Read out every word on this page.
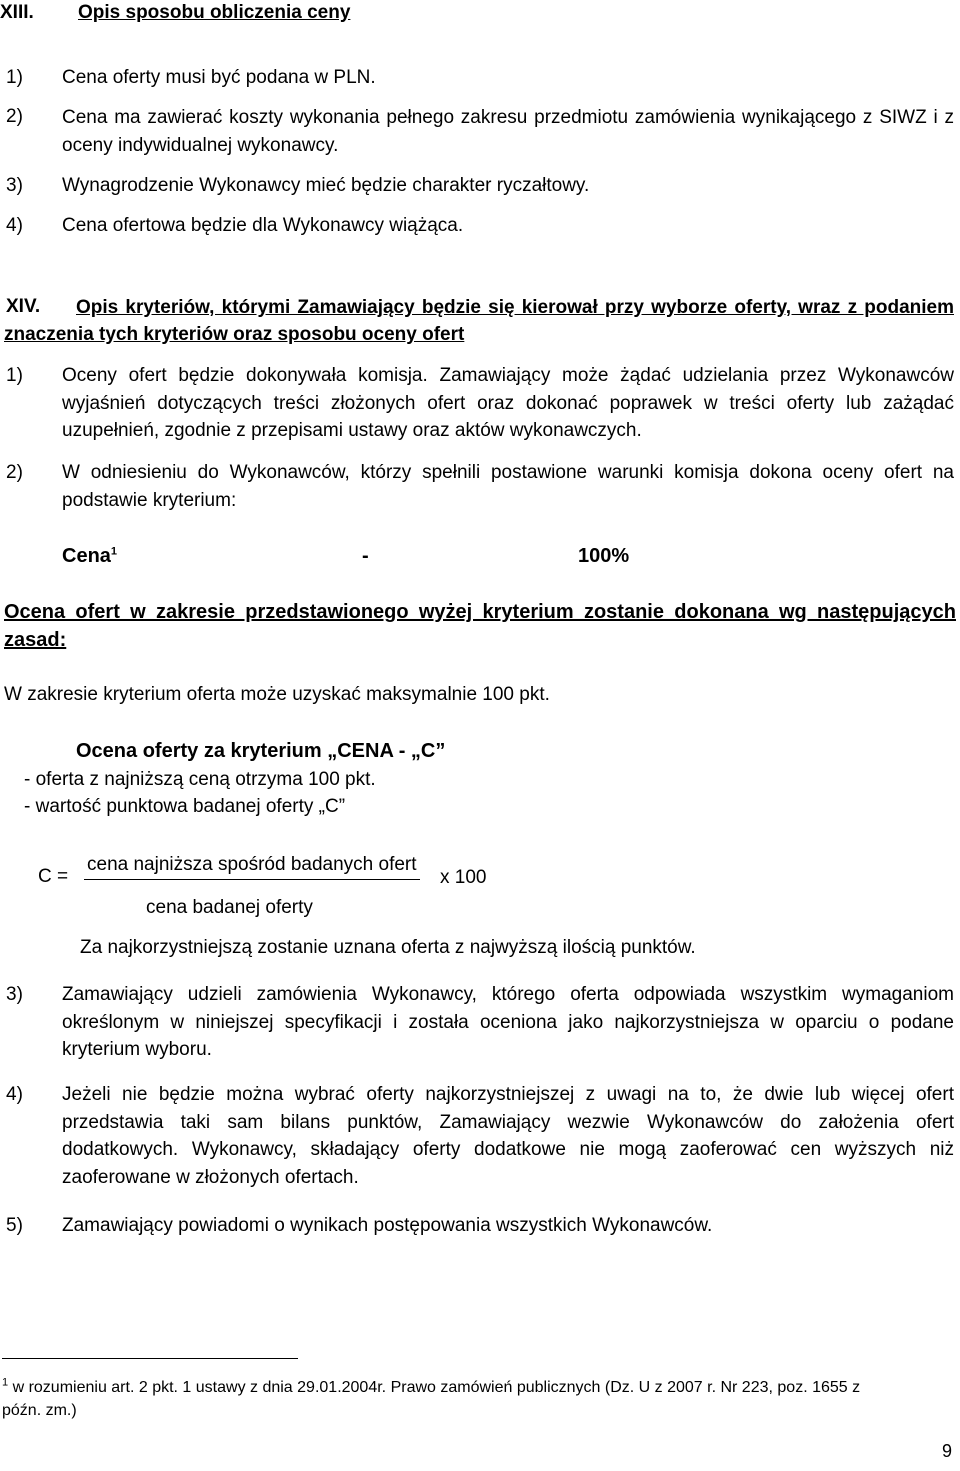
XIII. Opis sposobu obliczenia ceny
1) Cena oferty musi być podana w PLN.
2) Cena ma zawierać koszty wykonania pełnego zakresu przedmiotu zamówienia wynikającego z SIWZ i z oceny indywidualnej wykonawcy.
3) Wynagrodzenie Wykonawcy mieć będzie charakter ryczałtowy.
4) Cena ofertowa będzie dla Wykonawcy wiążąca.
XIV.	Opis kryteriów, którymi Zamawiający będzie się kierował przy wyborze oferty, wraz z podaniem znaczenia tych kryteriów oraz sposobu oceny ofert
1) Oceny ofert będzie dokonywała komisja. Zamawiający może żądać udzielania przez Wykonawców wyjaśnień dotyczących treści złożonych ofert oraz dokonać poprawek w treści oferty lub zażądać uzupełnień, zgodnie z przepisami ustawy oraz aktów wykonawczych.
2) W odniesieniu do Wykonawców, którzy spełnili postawione warunki komisja dokona oceny ofert na podstawie kryterium:
Cena$^1$	-	100%
Ocena ofert w zakresie przedstawionego wyżej kryterium zostanie dokonana wg następujących zasad:
W zakresie kryterium oferta może uzyskać maksymalnie 100 pkt.
Ocena oferty za kryterium „CENA - „C”
- oferta z najniższą ceną otrzyma 100 pkt.
- wartość punktowa badanej oferty „C”
C =
cena najniższa spośród badanych ofert
x 100
cena badanej oferty
Za najkorzystniejszą zostanie uznana oferta z najwyższą ilością punktów.
3) Zamawiający udzieli zamówienia Wykonawcy, którego oferta odpowiada wszystkim wymaganiom określonym w niniejszej specyfikacji i została oceniona jako najkorzystniejsza w oparciu o podane kryterium wyboru.
4) Jeżeli nie będzie można wybrać oferty najkorzystniejszej z uwagi na to, że dwie lub więcej ofert przedstawia taki sam bilans punktów, Zamawiający wezwie Wykonawców do założenia ofert dodatkowych. Wykonawcy, składający oferty dodatkowe nie mogą zaoferować cen wyższych niż zaoferowane w złożonych ofertach.
5) Zamawiający powiadomi o wynikach postępowania wszystkich Wykonawców.
$^1$ w rozumieniu art. 2 pkt. 1 ustawy z dnia 29.01.2004r. Prawo zamówień publicznych (Dz. U z 2007 r. Nr 223, poz. 1655 z późn. zm.)
9
